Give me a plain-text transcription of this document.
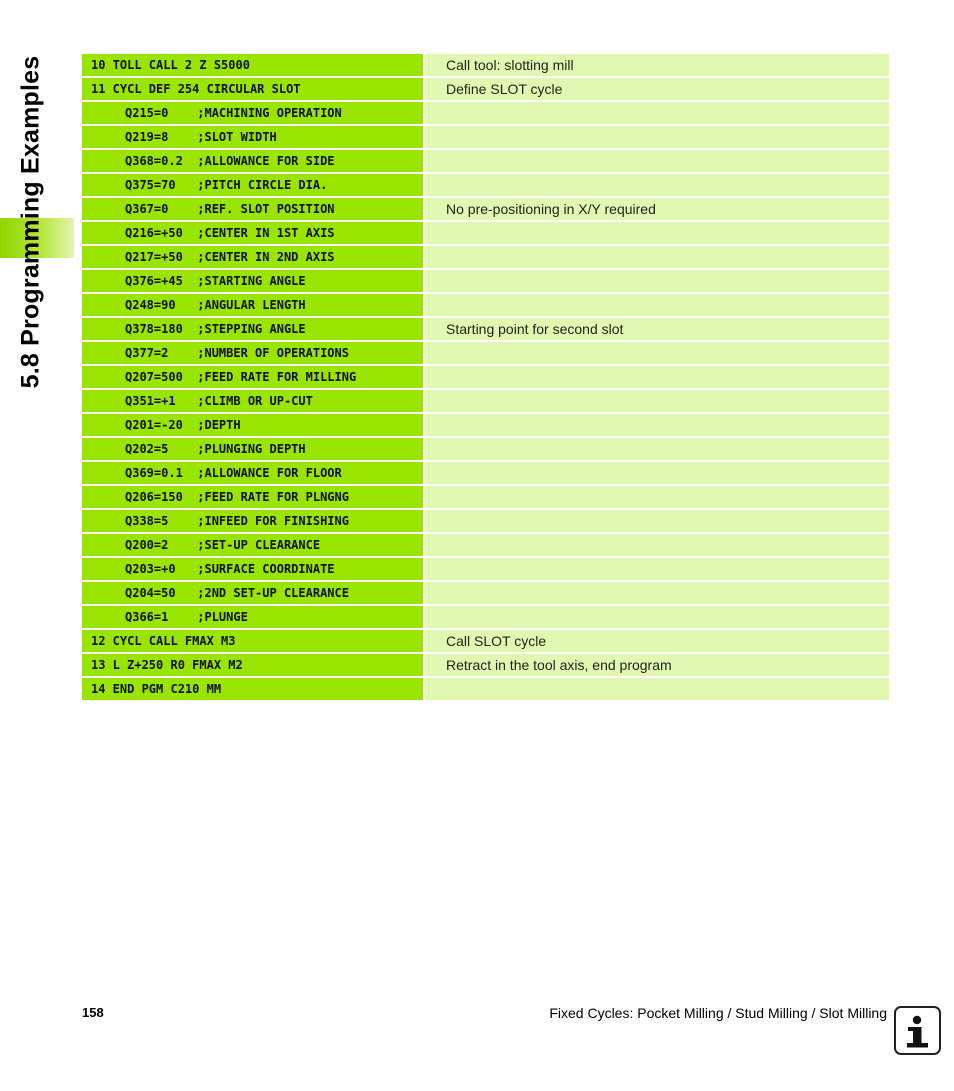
5.8 Programming Examples	10 TOLL CALL 2 Z S5000	Call tool: slotting mill
11 CYCL DEF 254 CIRCULAR SLOT	Define SLOT cycle
Q215=0    ;MACHINING OPERATION
Q219=8    ;SLOT WIDTH
Q368=0.2  ;ALLOWANCE FOR SIDE
Q375=70   ;PITCH CIRCLE DIA.
Q367=0    ;REF. SLOT POSITION	No pre-positioning in X/Y required
Q216=+50  ;CENTER IN 1ST AXIS
Q217=+50  ;CENTER IN 2ND AXIS
Q376=+45  ;STARTING ANGLE
Q248=90   ;ANGULAR LENGTH
Q378=180  ;STEPPING ANGLE	Starting point for second slot
Q377=2    ;NUMBER OF OPERATIONS
Q207=500  ;FEED RATE FOR MILLING
Q351=+1   ;CLIMB OR UP-CUT
Q201=-20  ;DEPTH
Q202=5    ;PLUNGING DEPTH
Q369=0.1  ;ALLOWANCE FOR FLOOR
Q206=150  ;FEED RATE FOR PLNGNG
Q338=5    ;INFEED FOR FINISHING
Q200=2    ;SET-UP CLEARANCE
Q203=+0   ;SURFACE COORDINATE
Q204=50   ;2ND SET-UP CLEARANCE
Q366=1    ;PLUNGE
12 CYCL CALL FMAX M3	Call SLOT cycle
13 L Z+250 R0 FMAX M2	Retract in the tool axis, end program
14 END PGM C210 MM
158	Fixed Cycles: Pocket Milling / Stud Milling / Slot Milling
